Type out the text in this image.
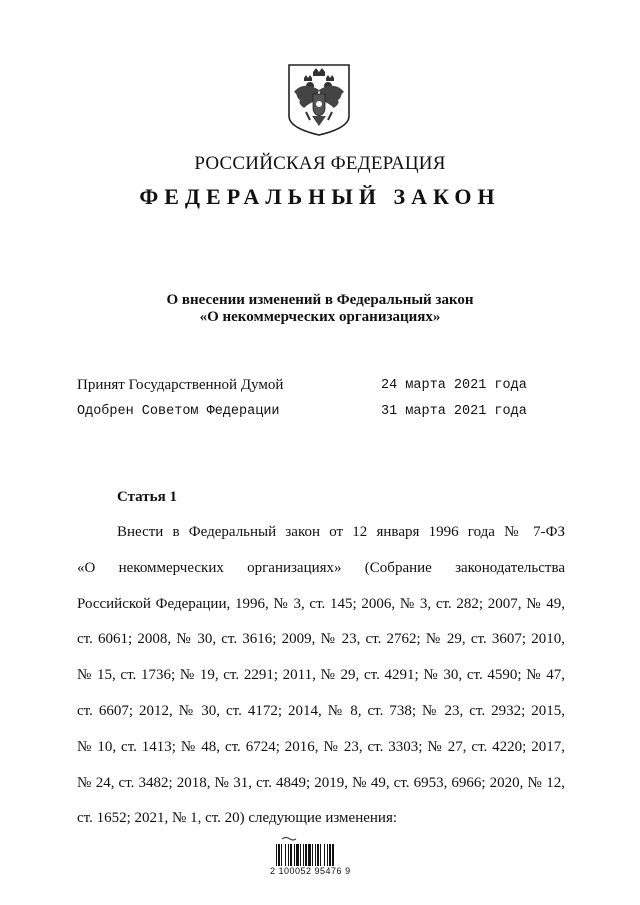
РОССИЙСКАЯ ФЕДЕРАЦИЯ
ФЕДЕРАЛЬНЫЙ ЗАКОН
О внесении изменений в Федеральный закон
«О некоммерческих организациях»
Принят Государственной Думой	24 марта 2021 года
Одобрен Советом Федерации	31 марта 2021 года
Статья 1
Внести в Федеральный закон от 12 января 1996 года № 7-ФЗ
«О некоммерческих организациях» (Собрание законодательства
Российской Федерации, 1996, № 3, ст. 145; 2006, № 3, ст. 282; 2007, № 49,
ст. 6061; 2008, № 30, ст. 3616; 2009, № 23, ст. 2762; № 29, ст. 3607; 2010,
№ 15, ст. 1736; № 19, ст. 2291; 2011, № 29, ст. 4291; № 30, ст. 4590; № 47,
ст. 6607; 2012, № 30, ст. 4172; 2014, № 8, ст. 738; № 23, ст. 2932; 2015,
№ 10, ст. 1413; № 48, ст. 6724; 2016, № 23, ст. 3303; № 27, ст. 4220; 2017,
№ 24, ст. 3482; 2018, № 31, ст. 4849; 2019, № 49, ст. 6953, 6966; 2020, № 12,
ст. 1652; 2021, № 1, ст. 20) следующие изменения:
2 100052 95476 9
